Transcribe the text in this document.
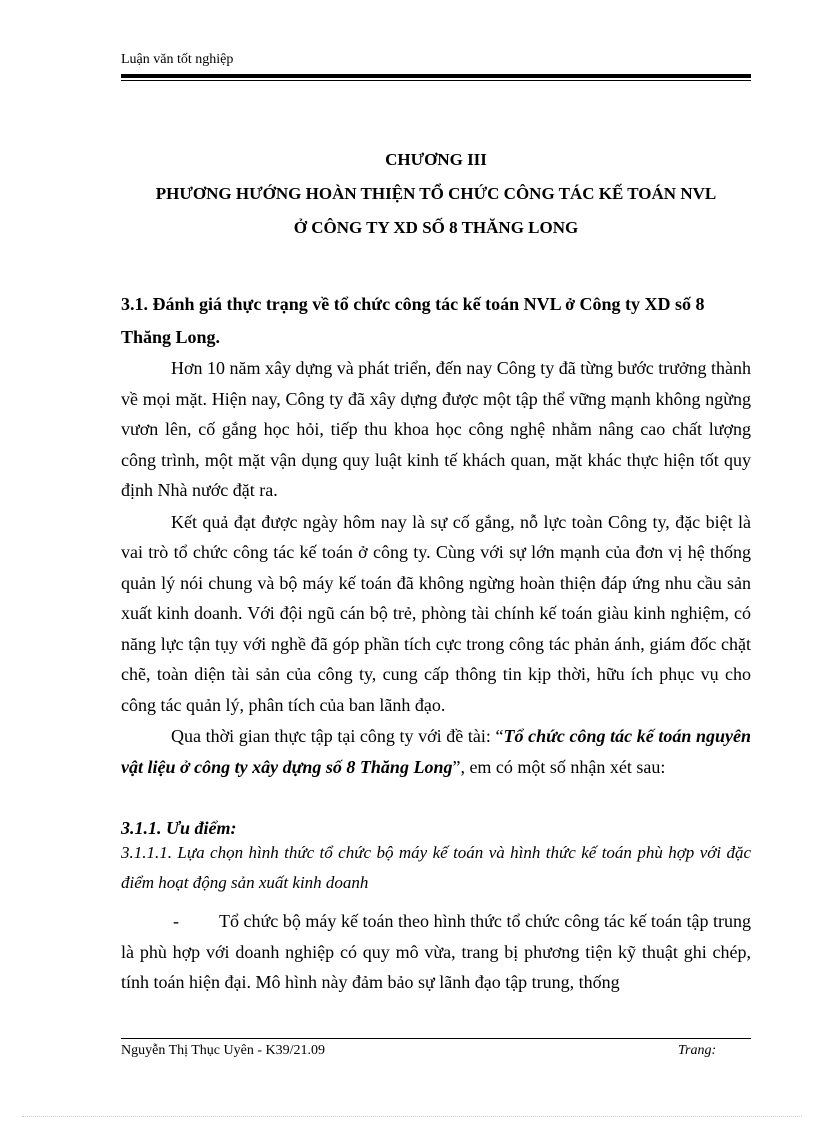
Luận văn tốt nghiệp
CHƯƠNG III
PHƯƠNG HƯỚNG HOÀN THIỆN TỔ CHỨC CÔNG TÁC KẾ TOÁN NVL
Ở CÔNG TY XD SỐ 8 THĂNG LONG
3.1. Đánh giá thực trạng về tổ chức công tác kế toán NVL ở Công ty XD số 8
Thăng Long.

Hơn 10 năm xây dựng và phát triển, đến nay Công ty đã từng bước trưởng thành về mọi mặt. Hiện nay, Công ty đã xây dựng được một tập thể vững mạnh không ngừng vươn lên, cố gắng học hỏi, tiếp thu khoa học công nghệ nhằm nâng cao chất lượng công trình, một mặt vận dụng quy luật kinh tế khách quan, mặt khác thực hiện tốt quy định Nhà nước đặt ra.

Kết quả đạt được ngày hôm nay là sự cố gắng, nỗ lực toàn Công ty, đặc biệt là vai trò tổ chức công tác kế toán ở công ty. Cùng với sự lớn mạnh của đơn vị hệ thống quản lý nói chung và bộ máy kế toán đã không ngừng hoàn thiện đáp ứng nhu cầu sản xuất kinh doanh. Với đội ngũ cán bộ trẻ, phòng tài chính kế toán giàu kinh nghiệm, có năng lực tận tụy với nghề đã góp phần tích cực trong công tác phản ánh, giám đốc chặt chẽ, toàn diện tài sản của công ty, cung cấp thông tin kịp thời, hữu ích phục vụ cho công tác quản lý, phân tích của ban lãnh đạo.

Qua thời gian thực tập tại công ty với đề tài: “Tổ chức công tác kế toán nguyên vật liệu ở công ty xây dựng số 8 Thăng Long”, em có một số nhận xét sau:

3.1.1. Ưu điểm:
3.1.1.1. Lựa chọn hình thức tổ chức bộ máy kế toán và hình thức kế toán phù hợp với đặc điểm hoạt động sản xuất kinh doanh
- Tổ chức bộ máy kế toán theo hình thức tổ chức công tác kế toán tập trung là phù hợp với doanh nghiệp có quy mô vừa, trang bị phương tiện kỹ thuật ghi chép, tính toán hiện đại. Mô hình này đảm bảo sự lãnh đạo tập trung, thống
Nguyễn Thị Thục Uyên - K39/21.09	Trang:
